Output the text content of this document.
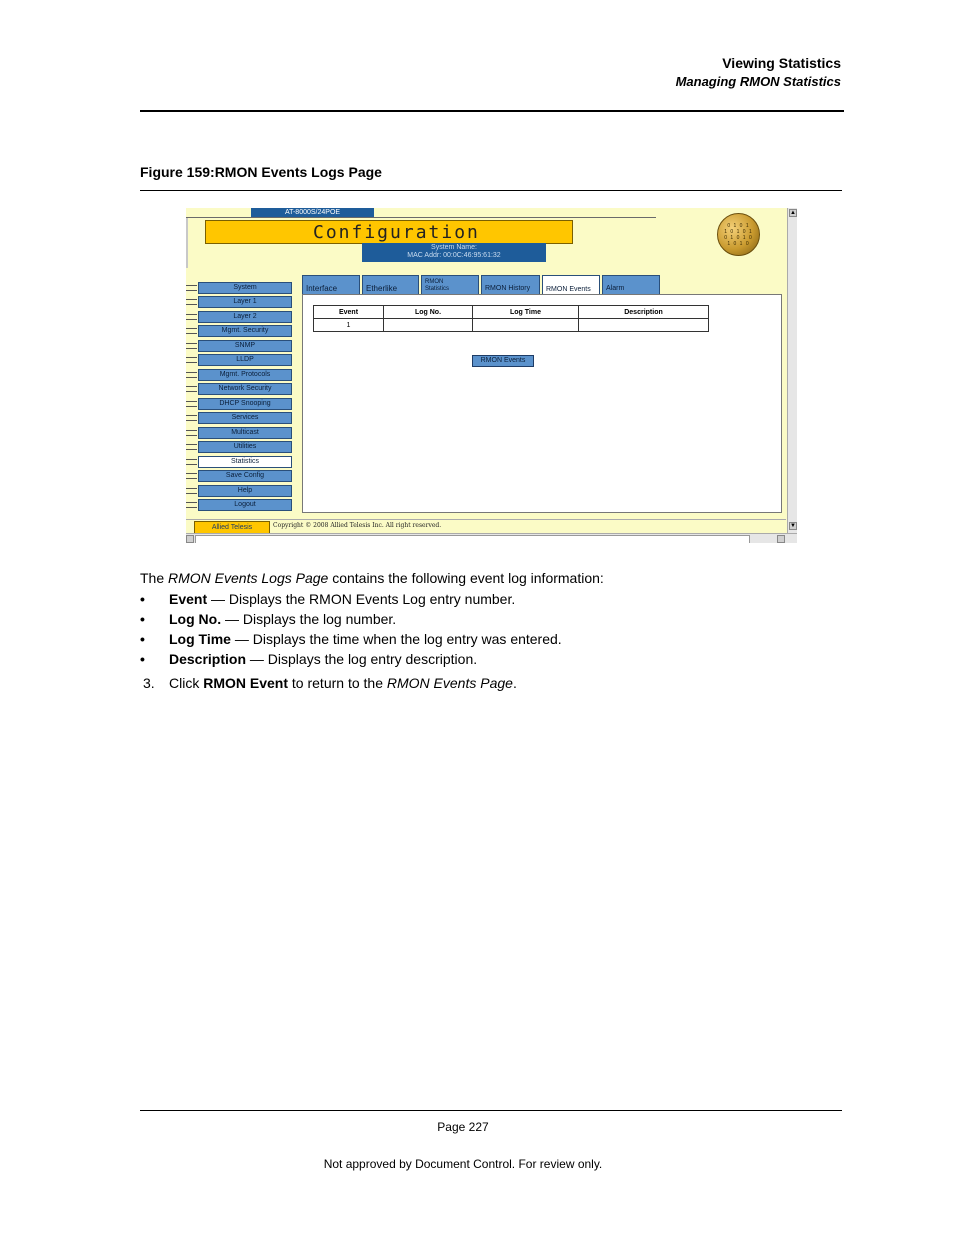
Viewing Statistics
Managing RMON Statistics
Figure 159:RMON Events Logs Page
AT-8000S/24POE
Configuration
System Name:
MAC Addr: 00:0C:46:95:61:32
0 1 0 1
1 0 1 0 1
0 1 0 1 0
1 0 1 0
Interface	Etherlike
RMON Statistics	RMON History RMON Events Alarm
Event	Log No.	Log Time	Description
1			
RMON Events
System
Layer 1
Layer 2
Mgmt. Security
SNMP
LLDP
Mgmt. Protocols
Network Security
DHCP Snooping
Services
Multicast
Utilities
Statistics
Save Config
Help
Logout
Allied Telesis	Copyright © 2008 Allied Telesis Inc. All right reserved.
▲
▼
The RMON Events Logs Page contains the following event log information:
• Event — Displays the RMON Events Log entry number.
• Log No. — Displays the log number.
• Log Time — Displays the time when the log entry was entered.
• Description — Displays the log entry description.
3. Click RMON Event to return to the RMON Events Page.
Page 227
Not approved by Document Control. For review only.
